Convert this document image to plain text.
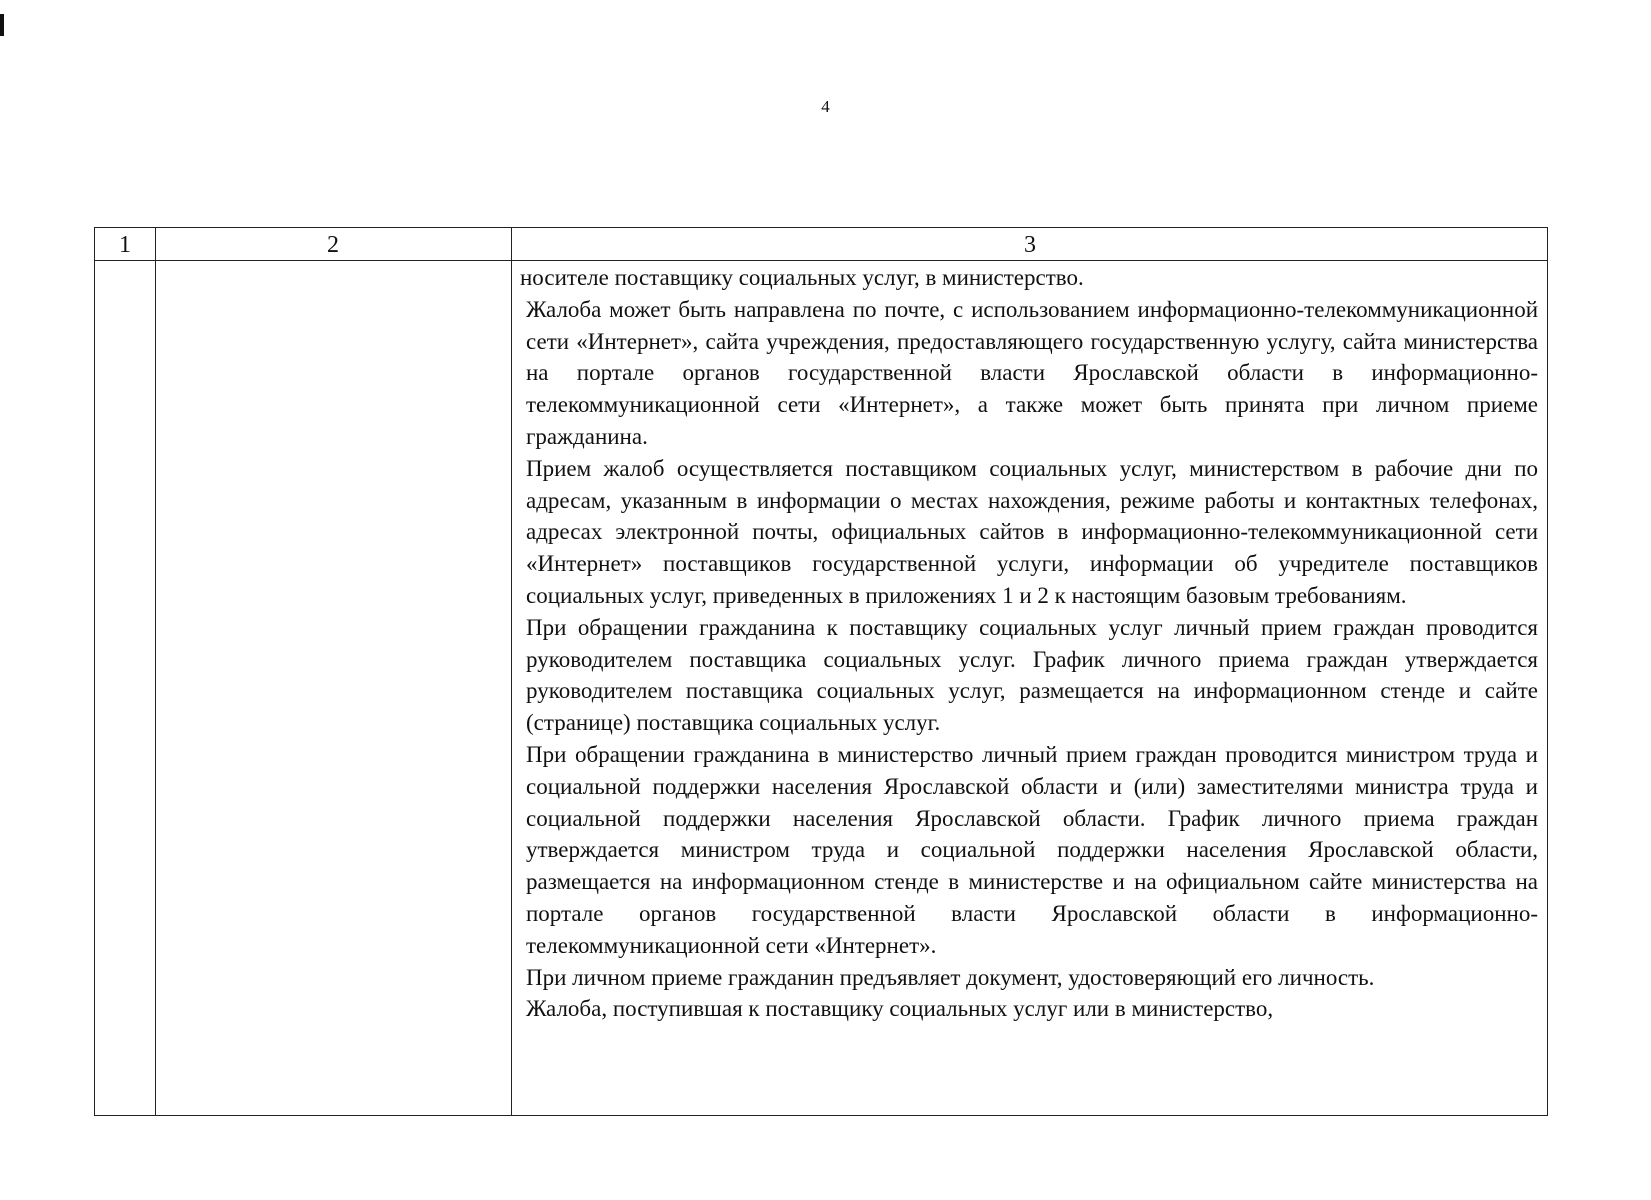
4
1	2	3

носителе поставщику социальных услуг, в министерство.

Жалоба может быть направлена по почте, с использованием информационно-телекоммуникационной сети «Интернет», сайта учреждения, предоставляющего государственную услугу, сайта министерства на портале органов государственной власти Ярославской области в информационно-телекоммуникационной сети «Интернет», а также может быть принята при личном приеме гражданина.

Прием жалоб осуществляется поставщиком социальных услуг, министерством в рабочие дни по адресам, указанным в информации о местах нахождения, режиме работы и контактных телефонах, адресах электронной почты, официальных сайтов в информационно-телекоммуникационной сети «Интернет» поставщиков государственной услуги, информации об учредителе поставщиков социальных услуг, приведенных в приложениях 1 и 2 к настоящим базовым требованиям.

При обращении гражданина к поставщику социальных услуг личный прием граждан проводится руководителем поставщика социальных услуг. График личного приема граждан утверждается руководителем поставщика социальных услуг, размещается на информационном стенде и сайте (странице) поставщика социальных услуг.

При обращении гражданина в министерство личный прием граждан проводится министром труда и социальной поддержки населения Ярославской области и (или) заместителями министра труда и социальной поддержки населения Ярославской области. График личного приема граждан утверждается министром труда и социальной поддержки населения Ярославской области, размещается на информационном стенде в министерстве и на официальном сайте министерства на портале органов государственной власти Ярославской области в информационно-телекоммуникационной сети «Интернет».

При личном приеме гражданин предъявляет документ, удостоверяющий его личность.

Жалоба, поступившая к поставщику социальных услуг или в министерство,
